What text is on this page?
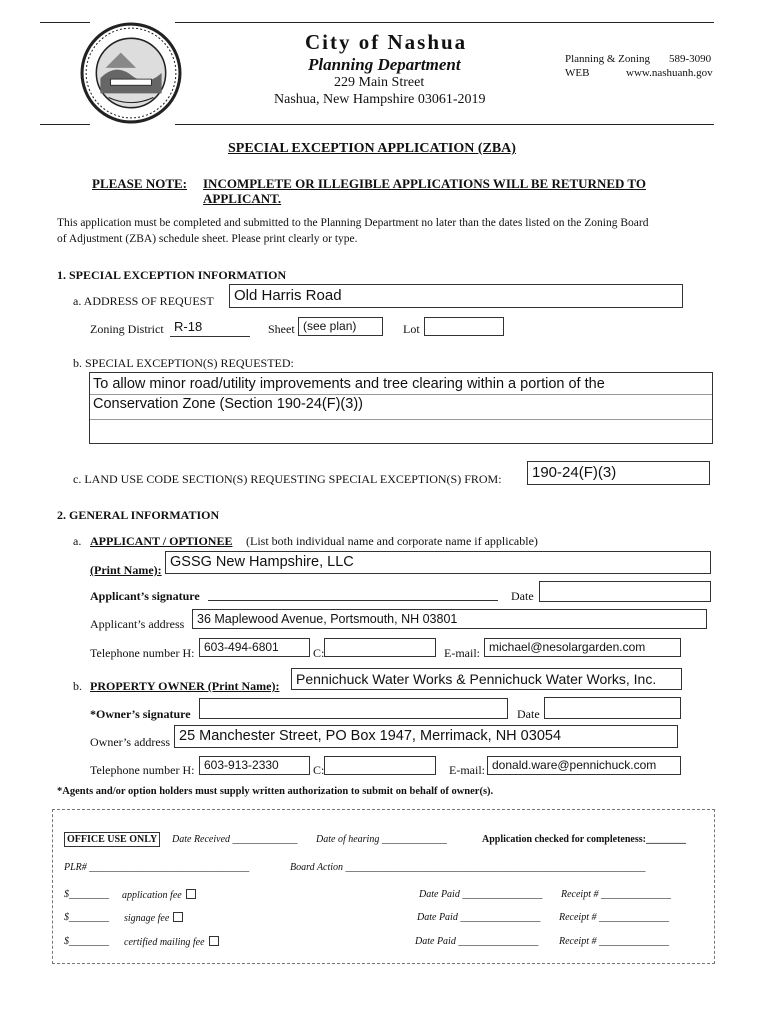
City of Nashua
Planning Department
229 Main Street
Nashua, New Hampshire 03061-2019
Planning & Zoning 589-3090
WEB	www.nashuanh.gov
SPECIAL EXCEPTION APPLICATION (ZBA)
PLEASE NOTE: INCOMPLETE OR ILLEGIBLE APPLICATIONS WILL BE RETURNED TO
APPLICANT.
This application must be completed and submitted to the Planning Department no later than the dates listed on the Zoning Board
of Adjustment (ZBA) schedule sheet. Please print clearly or type.
1. SPECIAL EXCEPTION INFORMATION
a. ADDRESS OF REQUEST	Old Harris Road
Zoning District R-18	Sheet (see plan)	Lot
b. SPECIAL EXCEPTION(S) REQUESTED:
To allow minor road/utility improvements and tree clearing within a portion of the
Conservation Zone (Section 190-24(F)(3))
c. LAND USE CODE SECTION(S) REQUESTING SPECIAL EXCEPTION(S) FROM:	190-24(F)(3)
2. GENERAL INFORMATION
a. APPLICANT / OPTIONEE (List both individual name and corporate name if applicable)
(Print Name): GSSG New Hampshire, LLC
Applicant’s signature	Date
Applicant’s address	36 Maplewood Avenue, Portsmouth, NH 03801
Telephone number H: 603-494-6801	C:	E-mail: michael@nesolargarden.com
b. PROPERTY OWNER (Print Name):	Pennichuck Water Works & Pennichuck Water Works, Inc.
*Owner’s signature	Date
Owner’s address 25 Manchester Street, PO Box 1947, Merrimack, NH 03054
Telephone number H: 603-913-2330	C:	E-mail: donald.ware@pennichuck.com
*Agents and/or option holders must supply written authorization to submit on behalf of owner(s).
OFFICE USE ONLY	Date Received _____________ Date of hearing _____________	Application checked for completeness:________
PLR# ________________________________	Board Action ____________________________________________________________
$________ application fee	Date Paid ________________ Receipt # ______________
$________ signage fee	Date Paid ________________ Receipt # ______________
$________ certified mailing fee	Date Paid ________________ Receipt # ______________
